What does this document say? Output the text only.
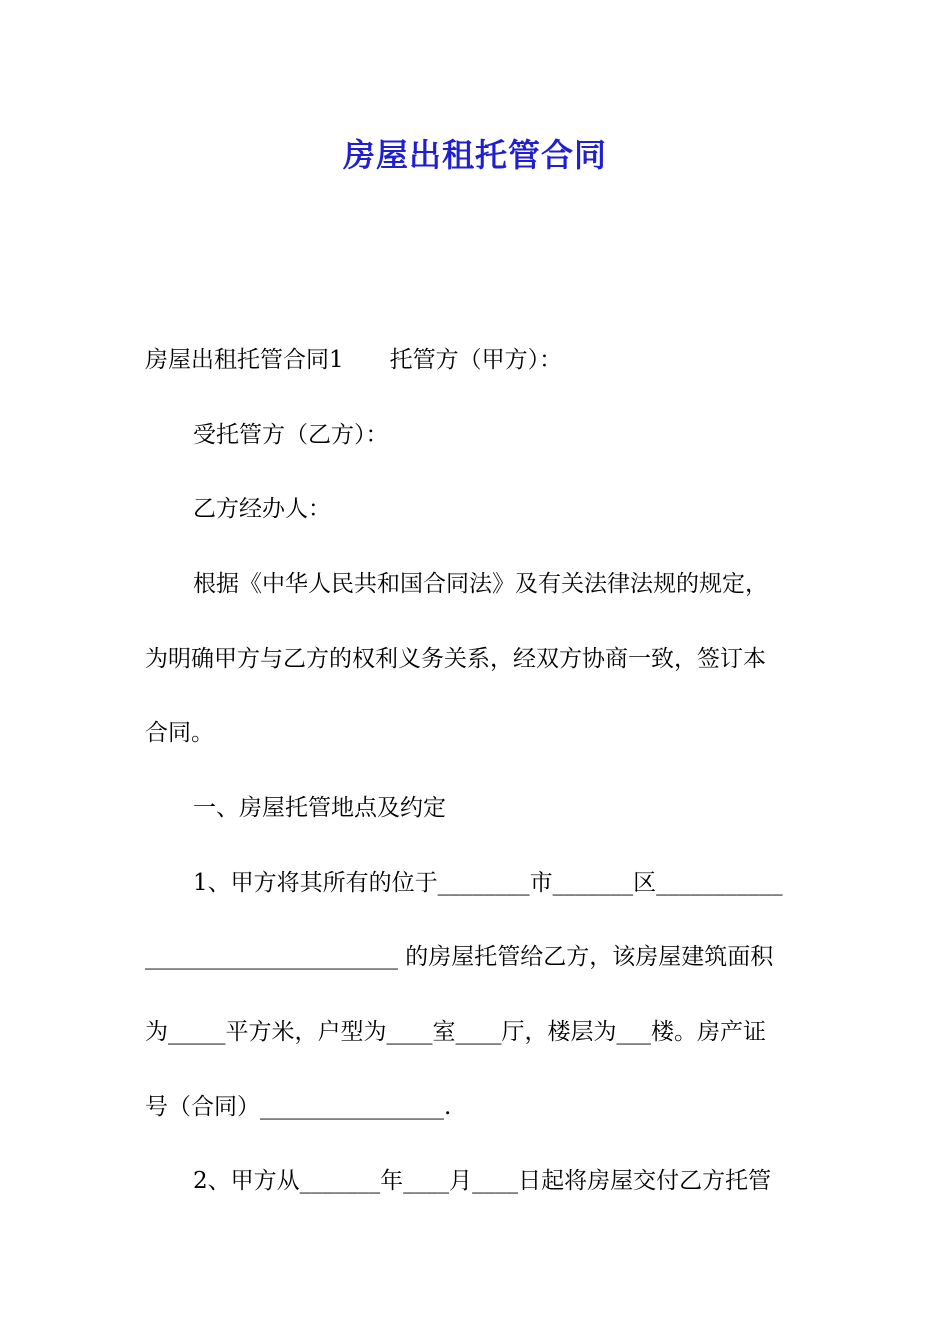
房屋出租托管合同

房屋出租托管合同1　　托管方（甲方）：

受托管方（乙方）：

乙方经办人：

根据《中华人民共和国合同法》及有关法律法规的规定，

为明确甲方与乙方的权利义务关系，经双方协商一致，签订本

合同。

一、房屋托管地点及约定

1、甲方将其所有的位于________市_______区___________

______________________ 的房屋托管给乙方，该房屋建筑面积

为_____平方米，户型为____室____厅，楼层为___楼。房产证

号（合同）________________.

2、甲方从_______年____月____日起将房屋交付乙方托管
